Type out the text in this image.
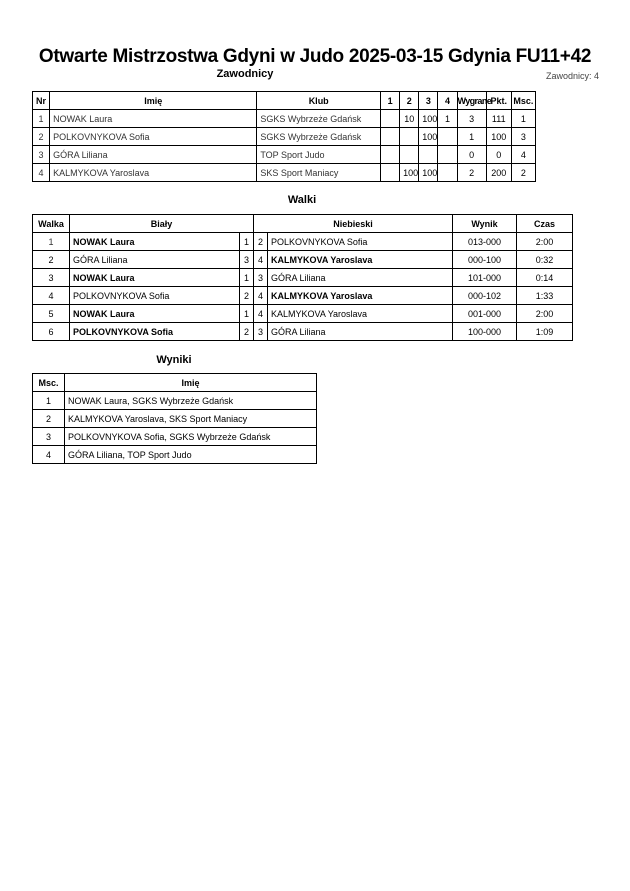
Otwarte Mistrzostwa Gdyni w Judo 2025-03-15 Gdynia FU11+42
Zawodnicy	Zawodnicy: 4
Nr	Imię	Klub	1	2	3	4	Wygrane	Pkt.	Msc.
1	NOWAK Laura	SGKS Wybrzeże Gdańsk		10	100	1	3	111	1
2	POLKOVNYKOVA Sofia	SGKS Wybrzeże Gdańsk			100		1	100	3
3	GÓRA Liliana	TOP Sport Judo					0	0	4
4	KALMYKOVA Yaroslava	SKS Sport Maniacy		100	100		2	200	2
Walki
Walka	Biały		Niebieski		Wynik	Czas
1	NOWAK Laura	1	2	POLKOVNYKOVA Sofia	013-000	2:00
2	GÓRA Liliana	3	4	KALMYKOVA Yaroslava	000-100	0:32
3	NOWAK Laura	1	3	GÓRA Liliana	101-000	0:14
4	POLKOVNYKOVA Sofia	2	4	KALMYKOVA Yaroslava	000-102	1:33
5	NOWAK Laura	1	4	KALMYKOVA Yaroslava	001-000	2:00
6	POLKOVNYKOVA Sofia	2	3	GÓRA Liliana	100-000	1:09
Wyniki
Msc.	Imię
1	NOWAK Laura, SGKS Wybrzeże Gdańsk
2	KALMYKOVA Yaroslava, SKS Sport Maniacy
3	POLKOVNYKOVA Sofia, SGKS Wybrzeże Gdańsk
4	GÓRA Liliana, TOP Sport Judo
